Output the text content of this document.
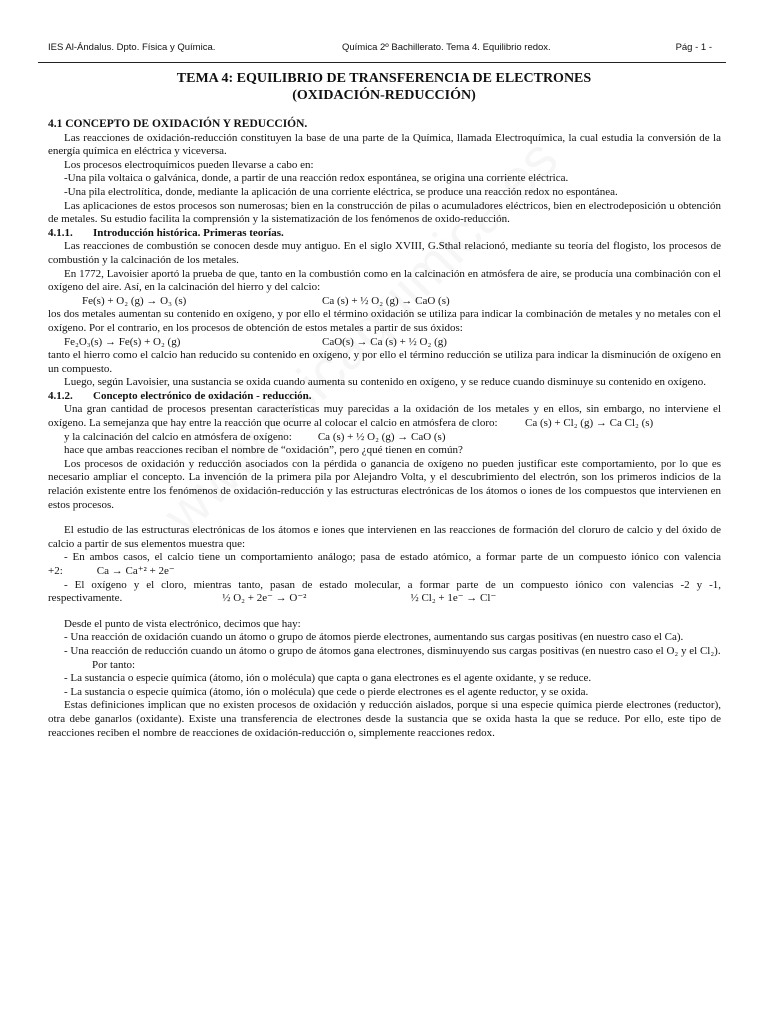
IES Al-Ándalus. Dpto. Física y Química.	Química 2º Bachillerato. Tema 4. Equilibrio redox.	Pág - 1 -
TEMA 4: EQUILIBRIO DE TRANSFERENCIA DE ELECTRONES
(OXIDACIÓN-REDUCCIÓN)

4.1 CONCEPTO DE OXIDACIÓN Y REDUCCIÓN.

Las reacciones de oxidación-reducción constituyen la base de una parte de la Química, llamada Electroquímica, la cual estudia la conversión de la energía química en eléctrica y viceversa.

Los procesos electroquímicos pueden llevarse a cabo en:

-Una pila voltaica o galvánica, donde, a partir de una reacción redox espontánea, se origina una corriente eléctrica.

-Una pila electrolítica, donde, mediante la aplicación de una corriente eléctrica, se produce una reacción redox no espontánea.

Las aplicaciones de estos procesos son numerosas; bien en la construcción de pilas o acumuladores eléctricos, bien en electrodeposición u obtención de metales. Su estudio facilita la comprensión y la sistematización de los fenómenos de oxido-reducción.

4.1.1. Introducción histórica. Primeras teorías.

Las reacciones de combustión se conocen desde muy antiguo. En el siglo XVIII, G.Sthal relacionó, mediante su teoría del flogisto, los procesos de combustión y la calcinación de los metales.

En 1772, Lavoisier aportó la prueba de que, tanto en la combustión como en la calcinación en atmósfera de aire, se producía una combinación con el oxígeno del aire. Así, en la calcinación del hierro y del calcio:

Fe(s) + O₂ (g) → O₃ (s)	Ca (s) + ½ O₂ (g) → CaO (s)

los dos metales aumentan su contenido en oxígeno, y por ello el término oxidación se utiliza para indicar la combinación de metales y no metales con el oxígeno. Por el contrario, en los procesos de obtención de estos metales a partir de sus óxidos:

Fe₂O₃(s) → Fe(s) + O₂ (g)	CaO(s) → Ca (s) + ½ O₂ (g)

tanto el hierro como el calcio han reducido su contenido en oxígeno, y por ello el término reducción se utiliza para indicar la disminución de oxígeno en un compuesto.

Luego, según Lavoisier, una sustancia se oxida cuando aumenta su contenido en oxígeno, y se reduce cuando disminuye su contenido en oxígeno.

4.1.2. Concepto electrónico de oxidación - reducción.

Una gran cantidad de procesos presentan características muy parecidas a la oxidación de los metales y en ellos, sin embargo, no interviene el oxígeno. La semejanza que hay entre la reacción que ocurre al colocar el calcio en atmósfera de cloro:	Ca (s) + Cl₂ (g) → Ca Cl₂ (s)

y la calcinación del calcio en atmósfera de oxígeno: Ca (s) + ½ O₂ (g) → CaO (s)

hace que ambas reacciones reciban el nombre de “oxidación”, pero ¿qué tienen en común?

Los procesos de oxidación y reducción asociados con la pérdida o ganancia de oxígeno no pueden justificar este comportamiento, por lo que es necesario ampliar el concepto. La invención de la primera pila por Alejandro Volta, y el descubrimiento del electrón, son los primeros indicios de la relación existente entre los fenómenos de oxidación-reducción y las estructuras electrónicas de los átomos o iones de los compuestos que intervienen en estos procesos.

El estudio de las estructuras electrónicas de los átomos e iones que intervienen en las reacciones de formación del cloruro de calcio y del óxido de calcio a partir de sus elementos muestra que:

- En ambos casos, el calcio tiene un comportamiento análogo; pasa de estado atómico, a formar parte de un compuesto iónico con valencia +2:	Ca → Ca⁺² + 2e⁻

- El oxígeno y el cloro, mientras tanto, pasan de estado molecular, a formar parte de un compuesto iónico con valencias -2 y -1, respectivamente.	½ O₂ + 2e⁻ → O⁻²	½ Cl₂ + 1e⁻ → Cl⁻

Desde el punto de vista electrónico, decimos que hay:

- Una reacción de oxidación cuando un átomo o grupo de átomos pierde electrones, aumentando sus cargas positivas (en nuestro caso el Ca).

- Una reacción de reducción cuando un átomo o grupo de átomos gana electrones, disminuyendo sus cargas positivas (en nuestro caso el O₂ y el Cl₂).

Por tanto:

- La sustancia o especie química (átomo, ión o molécula) que capta o gana electrones es el agente oxidante, y se reduce.

- La sustancia o especie química (átomo, ión o molécula) que cede o pierde electrones es el agente reductor, y se oxida.

Estas definiciones implican que no existen procesos de oxidación y reducción aislados, porque si una especie química pierde electrones (reductor), otra debe ganarlos (oxidante). Existe una transferencia de electrones desde la sustancia que se oxida hasta la que se reduce. Por ello, este tipo de reacciones reciben el nombre de reacciones de oxidación-reducción o, simplemente reacciones redox.
